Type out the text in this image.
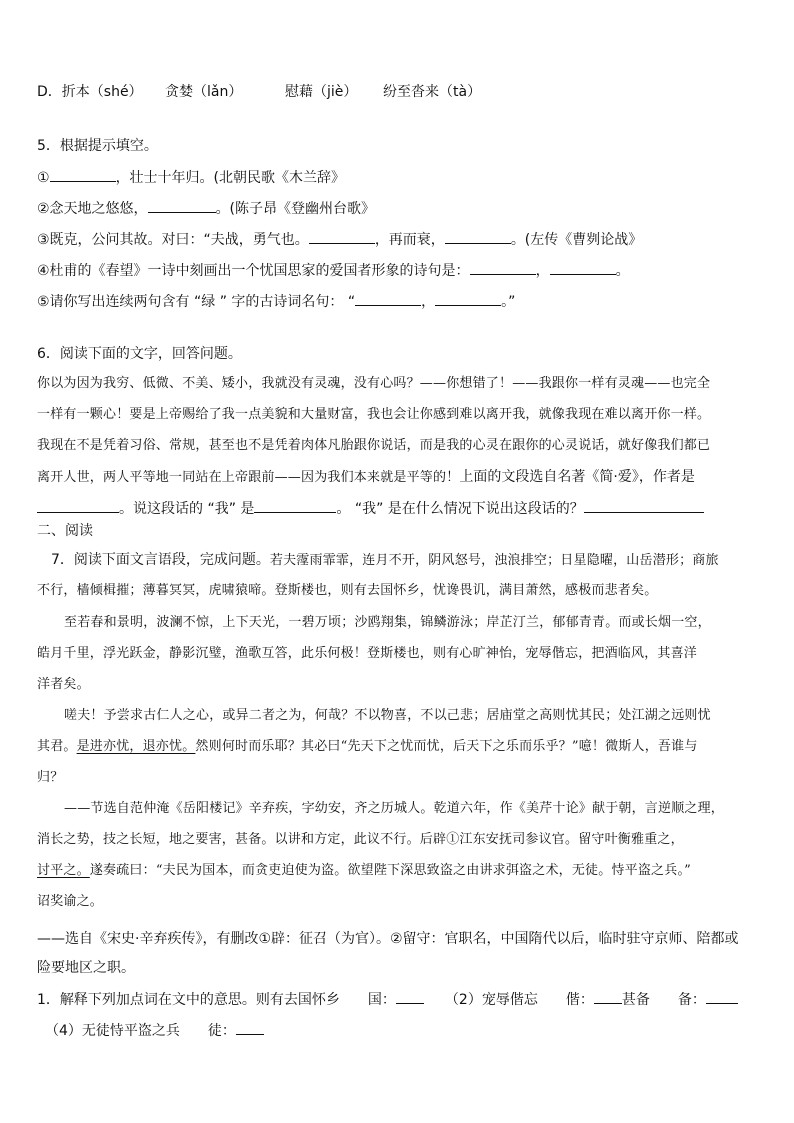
D．折本（shé） 贪婪（lǎn）	慰藉（jiè） 纷至沓来（tà）
5．根据提示填空。
①	，壮士十年归。(北朝民歌《木兰辞》
②念天地之悠悠，	。(陈子昂《登幽州台歌》
③既克，公问其故。对曰：“夫战，勇气也。	，再而衰，	。(左传《曹刿论战》
④杜甫的《春望》一诗中刻画出一个忧国思家的爱国者形象的诗句是：	，	。
⑤请你写出连续两句含有 “绿 ” 字的古诗词名句： “	，	。”
6．阅读下面的文字，回答问题。
你以为因为我穷、低微、不美、矮小，我就没有灵魂，没有心吗？——你想错了！——我跟你一样有灵魂——也完全
一样有一颗心！要是上帝赐给了我一点美貌和大量财富，我也会让你感到难以离开我，就像我现在难以离开你一样。
我现在不是凭着习俗、常规，甚至也不是凭着肉体凡胎跟你说话，而是我的心灵在跟你的心灵说话，就好像我们都已
离开人世，两人平等地一同站在上帝跟前——因为我们本来就是平等的！上面的文段选自名著《简·爱》，作者是
。说这段话的 “我” 是	。 “我” 是在什么情况下说出这段话的？
二、阅读
　7．阅读下面文言语段，完成问题。若夫霪雨霏霏，连月不开，阴风怒号，浊浪排空；日星隐曜，山岳潜形；商旅
不行，樯倾楫摧；薄暮冥冥，虎啸猿啼。登斯楼也，则有去国怀乡，忧谗畏讥，满目萧然，感极而悲者矣。
至若春和景明，波澜不惊，上下天光，一碧万顷；沙鸥翔集，锦鳞游泳；岸芷汀兰，郁郁青青。而或长烟一空，
皓月千里，浮光跃金，静影沉璧，渔歌互答，此乐何极！登斯楼也，则有心旷神怡，宠辱偕忘，把酒临风，其喜洋
洋者矣。
嗟夫！予尝求古仁人之心，或异二者之为，何哉？不以物喜，不以己悲；居庙堂之高则忧其民；处江湖之远则忧
其君。是进亦忧，退亦忧。然则何时而乐耶？其必曰“先天下之忧而忧，后天下之乐而乐乎？”噫！微斯人，吾谁与
归？
——节选自范仲淹《岳阳楼记》辛弃疾，字幼安，齐之历城人。乾道六年，作《美芹十论》献于朝，言逆顺之理，
消长之势，技之长短，地之要害，甚备。以讲和方定，此议不行。后辟①江东安抚司参议官。留守叶衡雅重之，
讨平之。遂奏疏曰：“夫民为国本，而贪吏迫使为盗。欲望陛下深思致盗之由讲求弭盗之术，无徒。恃平盗之兵。”
诏奖谕之。
——选自《宋史·辛弃疾传》，有删改①辟：征召（为官）。②留守：官职名，中国隋代以后，临时驻守京师、陪都或
险要地区之职。
1．解释下列加点词在文中的意思。则有去国怀乡　　国：　　（2）宠辱偕忘　　偕： 甚备　　备：
（4）无徒恃平盗之兵　　徒：
